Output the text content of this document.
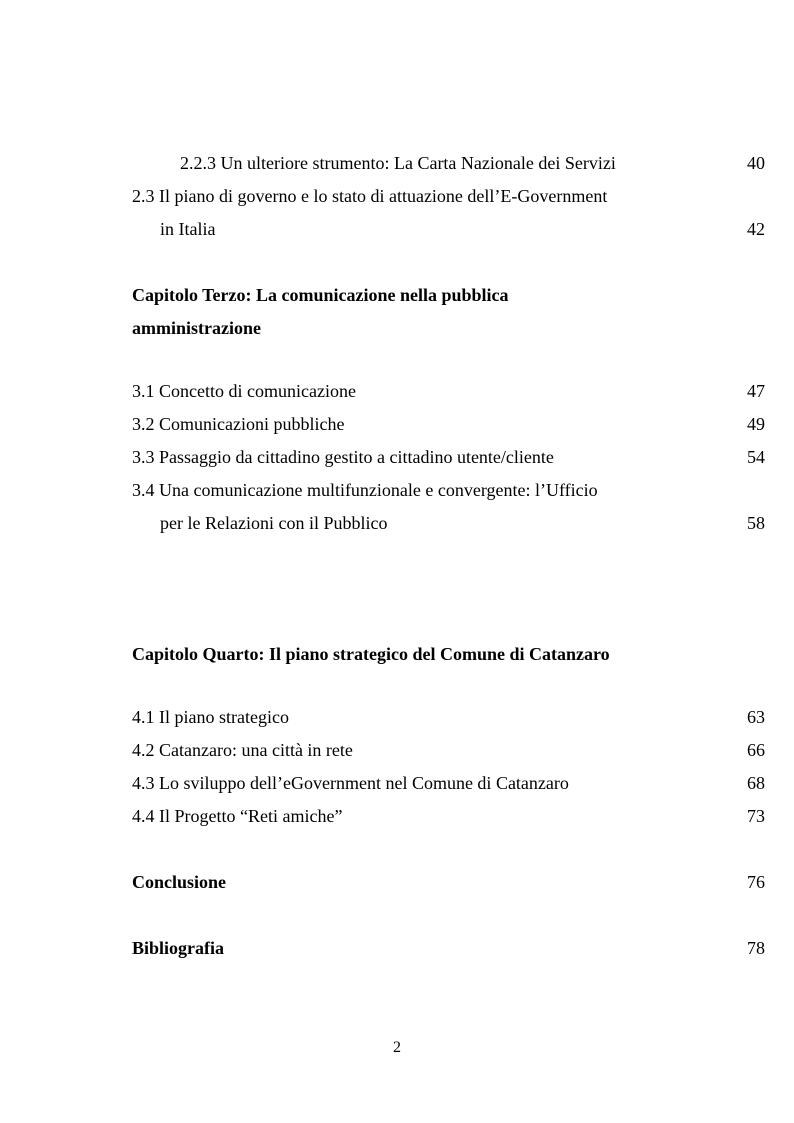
2.2.3 Un ulteriore strumento: La Carta Nazionale dei Servizi	40
2.3 Il piano di governo e lo stato di attuazione dell’E-Government
in Italia	42
Capitolo Terzo: La comunicazione nella pubblica
amministrazione
3.1 Concetto di comunicazione	47
3.2 Comunicazioni pubbliche	49
3.3 Passaggio da cittadino gestito a cittadino utente/cliente	54
3.4 Una comunicazione multifunzionale e convergente: l’Ufficio
per le Relazioni con il Pubblico	58
Capitolo Quarto: Il piano strategico del Comune di Catanzaro
4.1 Il piano strategico	63
4.2 Catanzaro: una città in rete	66
4.3 Lo sviluppo dell’eGovernment nel Comune di Catanzaro	68
4.4 Il Progetto “Reti amiche”	73
Conclusione	76
Bibliografia	78
2
